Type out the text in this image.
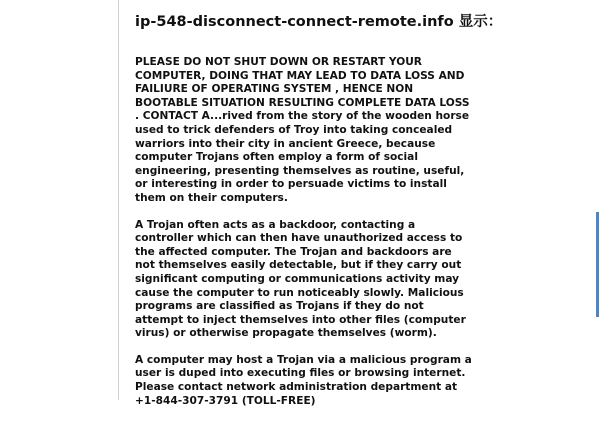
ip-548-disconnect-connect-remote.info 显示：

PLEASE DO NOT SHUT DOWN OR RESTART YOUR COMPUTER, DOING THAT MAY LEAD TO DATA LOSS AND FAILIURE OF OPERATING SYSTEM , HENCE NON BOOTABLE SITUATION RESULTING COMPLETE DATA LOSS . CONTACT A...rived from the story of the wooden horse used to trick defenders of Troy into taking concealed warriors into their city in ancient Greece, because computer Trojans often employ a form of social engineering, presenting themselves as routine, useful, or interesting in order to persuade victims to install them on their computers.

A Trojan often acts as a backdoor, contacting a controller which can then have unauthorized access to the affected computer. The Trojan and backdoors are not themselves easily detectable, but if they carry out significant computing or communications activity may cause the computer to run noticeably slowly. Malicious programs are classified as Trojans if they do not attempt to inject themselves into other files (computer virus) or otherwise propagate themselves (worm).

A computer may host a Trojan via a malicious program a user is duped into executing files or browsing internet.
Please contact network administration department at
+1-844-307-3791 (TOLL-FREE)
